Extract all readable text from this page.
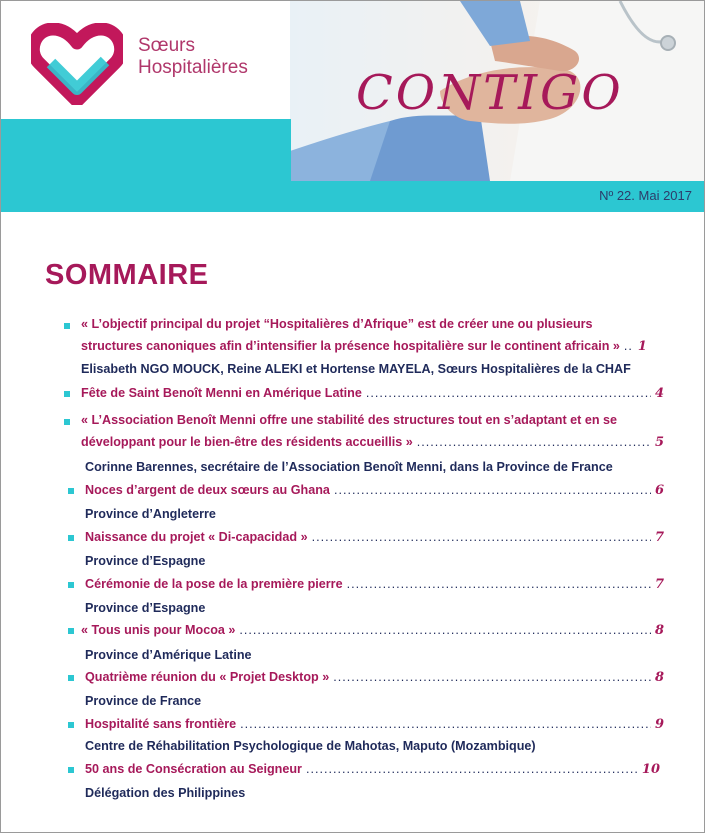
Sœurs
Hospitalières CONTIGO
Nº 22. Mai 2017
SOMMAIRE
« L’objectif principal du projet “Hospitalières d’Afrique” est de créer une ou plusieurs
structures canoniques afin d’intensifier la présence hospitalière sur le continent africain » ..... 1
Elisabeth NGO MOUCK, Reine ALEKI et Hortense MAYELA, Sœurs Hospitalières de la CHAF
Fête de Saint Benoît Menni en Amérique Latine .....	4
« L’Association Benoît Menni offre une stabilité des structures tout en s’adaptant et en se
développant pour le bien-être des résidents accueillis » .....	5
Corinne Barennes, secrétaire de l’Association Benoît Menni, dans la Province de France
Noces d’argent de deux sœurs au Ghana .....	6
Province d’Angleterre
Naissance du projet « Di-capacidad » .....	7
Province d’Espagne
Cérémonie de la pose de la première pierre .....	7
Province d’Espagne
« Tous unis pour Mocoa » .....	8
Province d’Amérique Latine
Quatrième réunion du « Projet Desktop » .....	8
Province de France
Hospitalité sans frontière .....	9
Centre de Réhabilitation Psychologique de Mahotas, Maputo (Mozambique)
50 ans de Consécration au Seigneur .....	10
Délégation des Philippines
